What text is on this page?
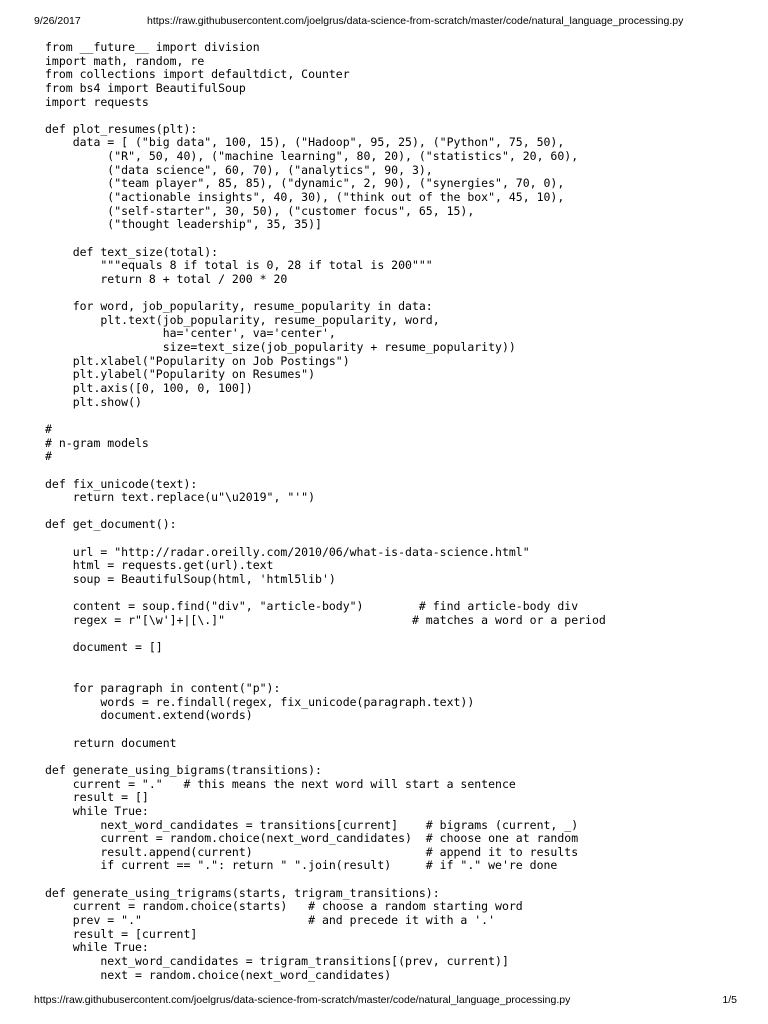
9/26/2017	https://raw.githubusercontent.com/joelgrus/data-science-from-scratch/master/code/natural_language_processing.py
from __future__ import division
import math, random, re
from collections import defaultdict, Counter
from bs4 import BeautifulSoup
import requests
def plot_resumes(plt):
data = [ ("big data", 100, 15), ("Hadoop", 95, 25), ("Python", 75, 50),
("R", 50, 40), ("machine learning", 80, 20), ("statistics", 20, 60),
("data science", 60, 70), ("analytics", 90, 3),
("team player", 85, 85), ("dynamic", 2, 90), ("synergies", 70, 0),
("actionable insights", 40, 30), ("think out of the box", 45, 10),
("self-starter", 30, 50), ("customer focus", 65, 15),
("thought leadership", 35, 35)]
def text_size(total):
"""equals 8 if total is 0, 28 if total is 200"""
return 8 + total / 200 * 20
for word, job_popularity, resume_popularity in data:
plt.text(job_popularity, resume_popularity, word,
ha='center', va='center',
size=text_size(job_popularity + resume_popularity))
plt.xlabel("Popularity on Job Postings")
plt.ylabel("Popularity on Resumes")
plt.axis([0, 100, 0, 100])
plt.show()
#
# n-gram models
#
def fix_unicode(text):
return text.replace(u"\u2019", "'")
def get_document():
url = "http://radar.oreilly.com/2010/06/what-is-data-science.html"
html = requests.get(url).text
soup = BeautifulSoup(html, 'html5lib')
content = soup.find("div", "article-body")        # find article-body div
regex = r"[\w']+|[\.]"                           # matches a word or a period
document = []
for paragraph in content("p"):
words = re.findall(regex, fix_unicode(paragraph.text))
document.extend(words)
return document
def generate_using_bigrams(transitions):
current = "."   # this means the next word will start a sentence
result = []
while True:
next_word_candidates = transitions[current]    # bigrams (current, _)
current = random.choice(next_word_candidates)  # choose one at random
result.append(current)                         # append it to results
if current == ".": return " ".join(result)     # if "." we're done
def generate_using_trigrams(starts, trigram_transitions):
current = random.choice(starts)   # choose a random starting word
prev = "."                        # and precede it with a '.'
result = [current]
while True:
next_word_candidates = trigram_transitions[(prev, current)]
next = random.choice(next_word_candidates)
https://raw.githubusercontent.com/joelgrus/data-science-from-scratch/master/code/natural_language_processing.py	1/5
